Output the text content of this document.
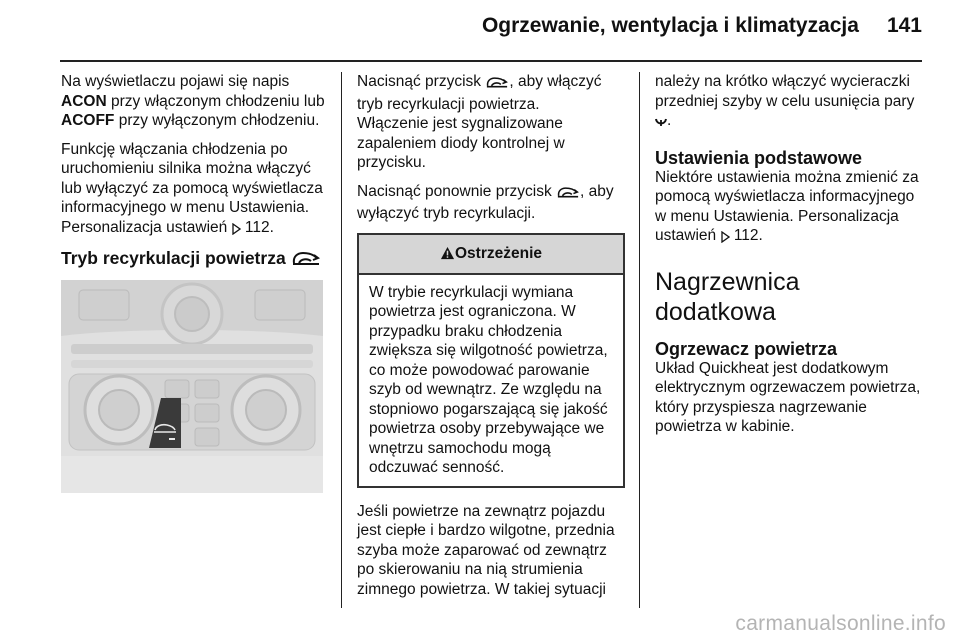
Ogrzewanie, wentylacja i klimatyzacja 141

Na wyświetlaczu pojawi się napis ACON przy włączonym chłodzeniu lub ACOFF przy wyłączonym chłodzeniu.

Funkcję włączania chłodzenia po uruchomieniu silnika można włączyć lub wyłączyć za pomocą wyświetlacza informacyjnego w menu Ustawienia. Personalizacja ustawień 112.

Tryb recyrkulacji powietrza

Nacisnąć przycisk , aby włączyć tryb recyrkulacji powietrza.
Włączenie jest sygnalizowane zapaleniem diody kontrolnej w przycisku.

Nacisnąć ponownie przycisk , aby wyłączyć tryb recyrkulacji.

Ostrzeżenie
W trybie recyrkulacji wymiana powietrza jest ograniczona. W przypadku braku chłodzenia zwiększa się wilgotność powietrza, co może powodować parowanie szyb od wewnątrz. Ze względu na stopniowo pogarszającą się jakość powietrza osoby przebywające we wnętrzu samochodu mogą odczuwać senność.

Jeśli powietrze na zewnątrz pojazdu jest ciepłe i bardzo wilgotne, przednia szyba może zaparować od zewnątrz po skierowaniu na nią strumienia zimnego powietrza. W takiej sytuacji

należy na krótko włączyć wycieraczki przedniej szyby w celu usunięcia pary .

Ustawienia podstawowe

Niektóre ustawienia można zmienić za pomocą wyświetlacza informacyjnego w menu Ustawienia. Personalizacja ustawień 112.

Nagrzewnica dodatkowa
Ogrzewacz powietrza

Układ Quickheat jest dodatkowym elektrycznym ogrzewaczem powietrza, który przyspiesza nagrzewanie powietrza w kabinie.

carmanualsonline.info
